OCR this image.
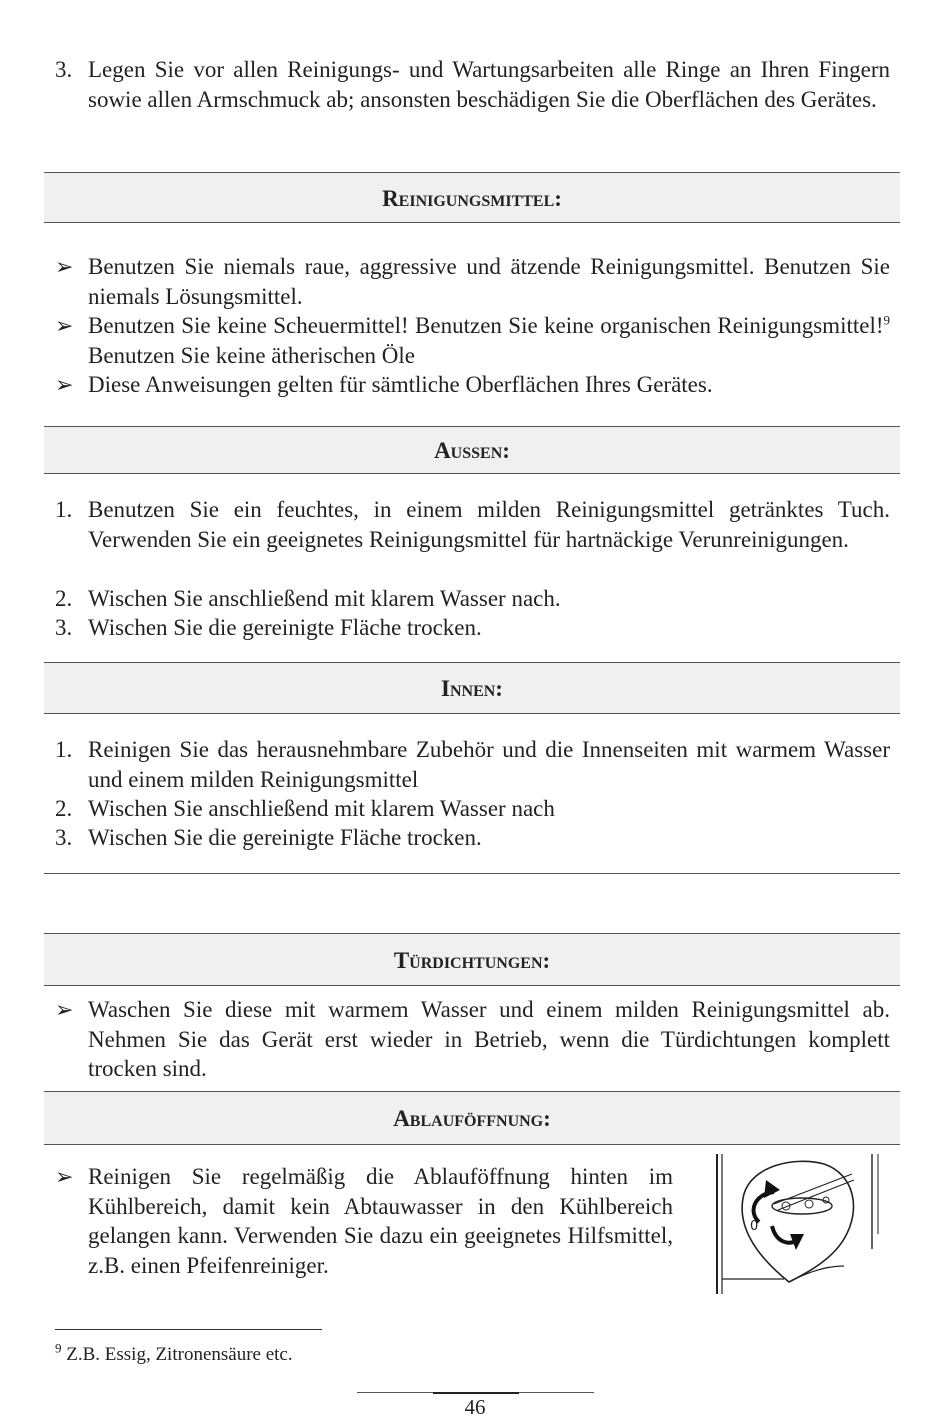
3. Legen Sie vor allen Reinigungs- und Wartungsarbeiten alle Ringe an Ihren Fingern sowie allen Armschmuck ab; ansonsten beschädigen Sie die Oberflächen des Gerätes.
Reinigungsmittel:
➢ Benutzen Sie niemals raue, aggressive und ätzende Reinigungsmittel. Benutzen Sie niemals Lösungsmittel.
➢ Benutzen Sie keine Scheuermittel! Benutzen Sie keine organischen Reinigungsmittel!$^9$ Benutzen Sie keine ätherischen Öle
➢ Diese Anweisungen gelten für sämtliche Oberflächen Ihres Gerätes.
Außen:
1. Benutzen Sie ein feuchtes, in einem milden Reinigungsmittel getränktes Tuch. Verwenden Sie ein geeignetes Reinigungsmittel für hartnäckige Verunreinigungen.
2. Wischen Sie anschließend mit klarem Wasser nach.
3. Wischen Sie die gereinigte Fläche trocken.
Innen:
1. Reinigen Sie das herausnehmbare Zubehör und die Innenseiten mit warmem Wasser und einem milden Reinigungsmittel
2. Wischen Sie anschließend mit klarem Wasser nach
3. Wischen Sie die gereinigte Fläche trocken.
Türdichtungen:
➢ Waschen Sie diese mit warmem Wasser und einem milden Reinigungsmittel ab. Nehmen Sie das Gerät erst wieder in Betrieb, wenn die Türdichtungen komplett trocken sind.
Ablauföffnung:
➢ Reinigen Sie regelmäßig die Ablauföffnung hinten im Kühlbereich, damit kein Abtauwasser in den Kühlbereich gelangen kann. Verwenden Sie dazu ein geeignetes Hilfsmittel, z.B. einen Pfeifenreiniger.
0
$^9$ Z.B. Essig, Zitronensäure etc.
46
